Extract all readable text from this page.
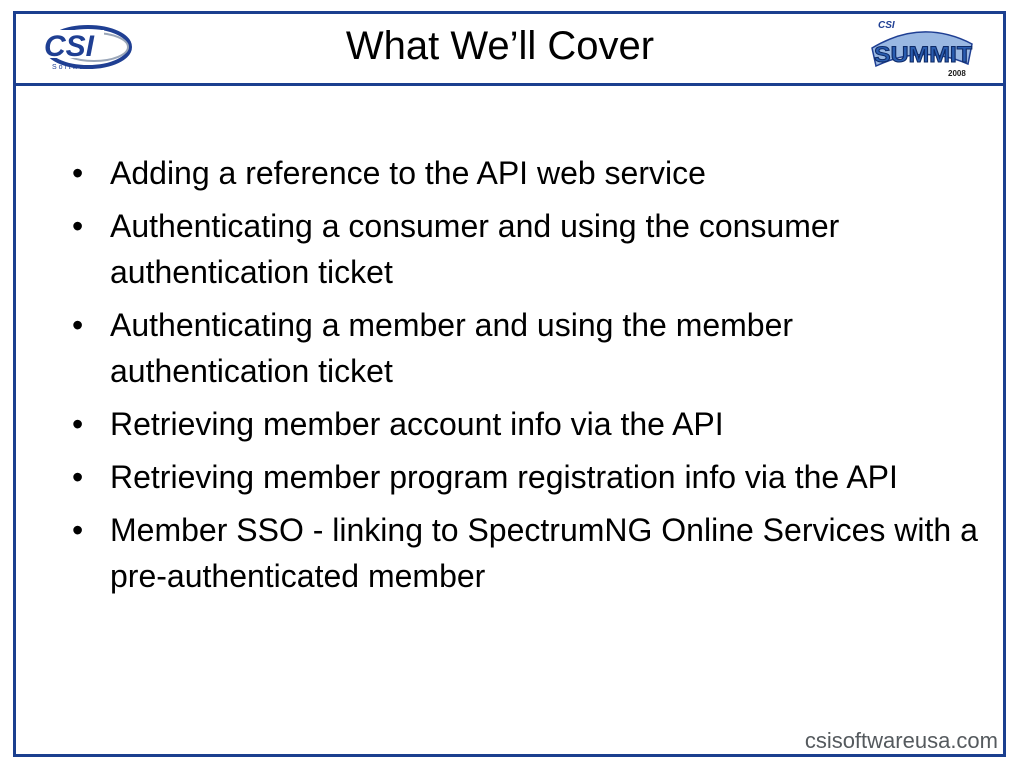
CSI
Software	What We’ll Cover	CSI
SUMMIT
2008
• Adding a reference to the API web service
• Authenticating a consumer and using the consumer authentication ticket
• Authenticating a member and using the member authentication ticket
• Retrieving member account info via the API
• Retrieving member program registration info via the API
• Member SSO - linking to SpectrumNG Online Services with a pre-authenticated member
csisoftwareusa.com
